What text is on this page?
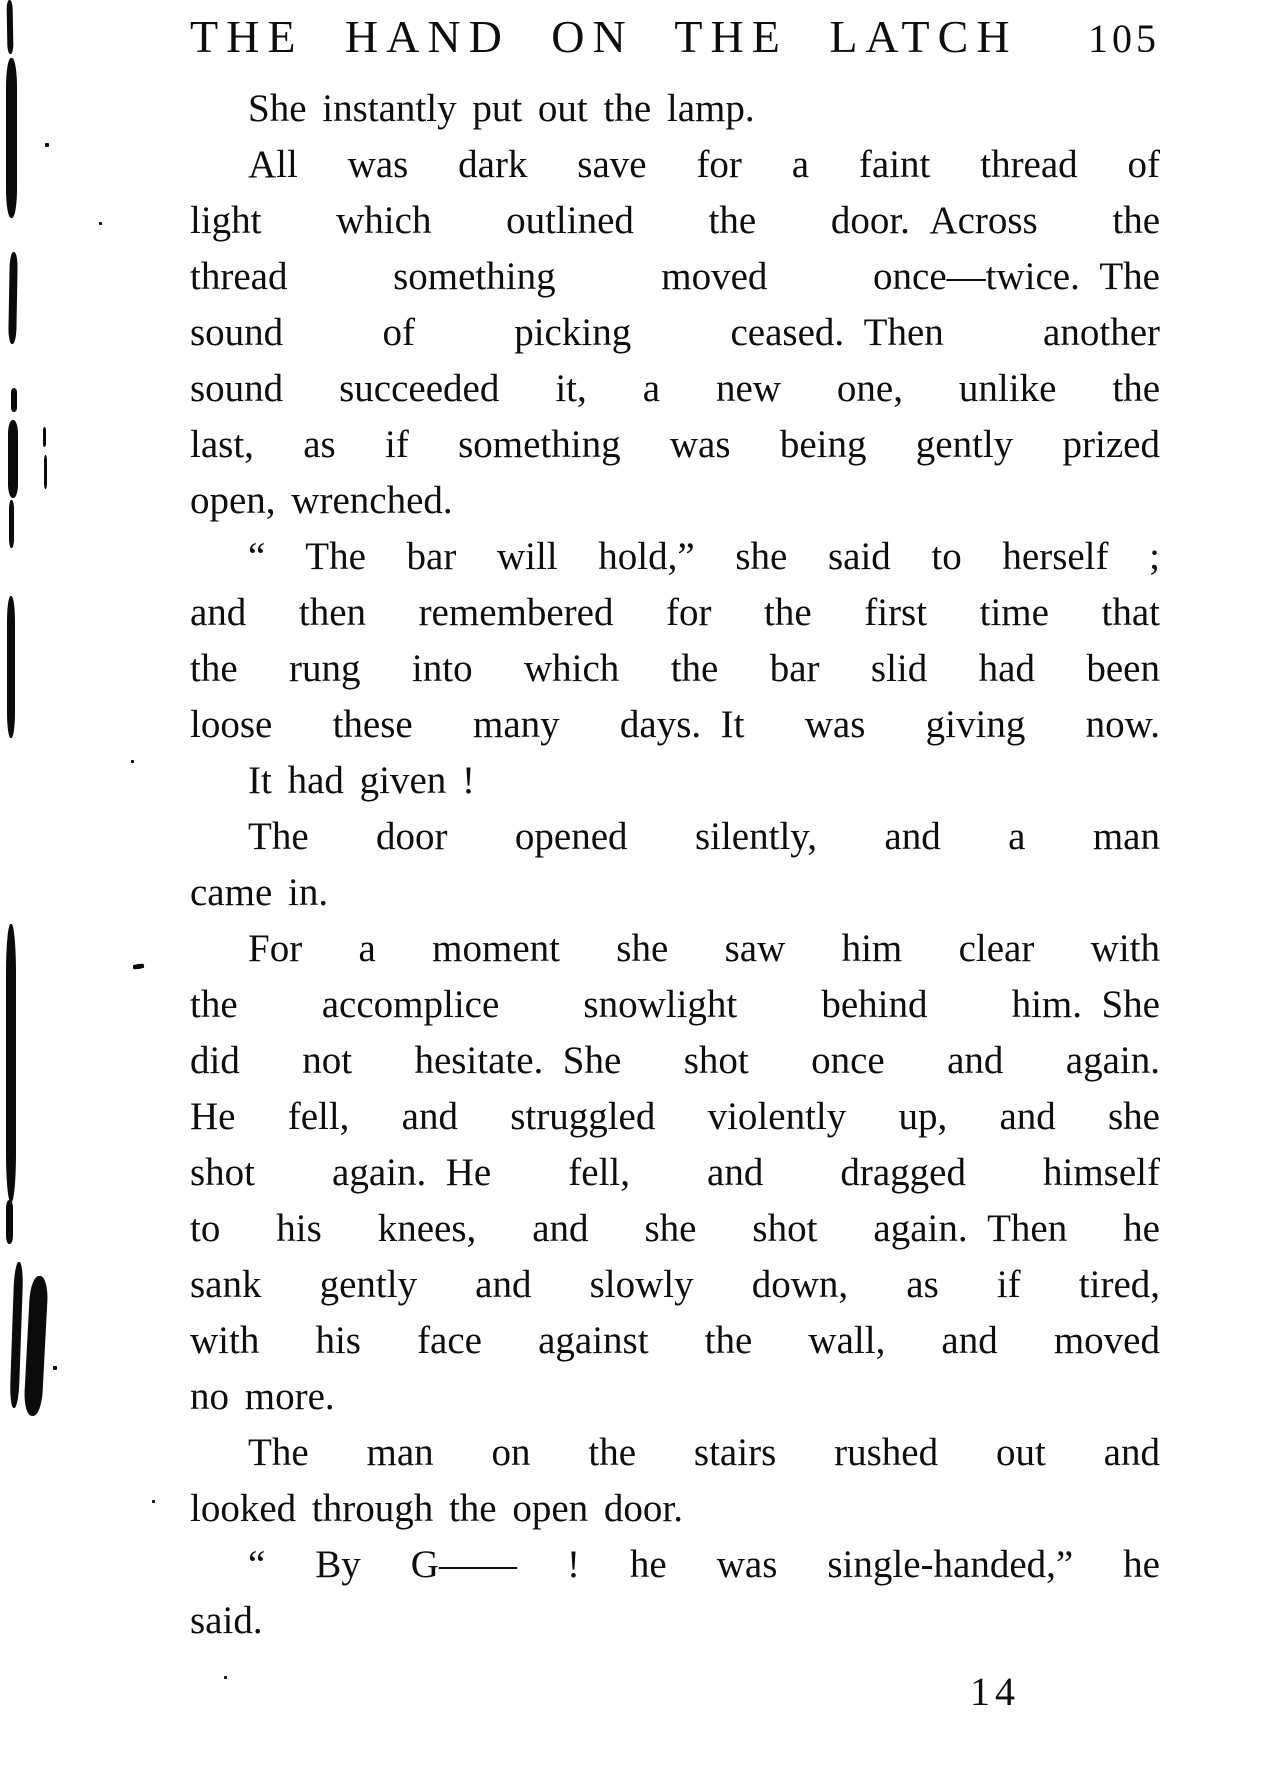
THE HAND ON THE LATCH 105
She instantly put out the lamp.
All was dark save for a faint thread of
light which outlined the door. Across the
thread something moved once—twice. The
sound of picking ceased. Then another
sound succeeded it, a new one, unlike the
last, as if something was being gently prized
open, wrenched.
“ The bar will hold,” she said to herself ;
and then remembered for the first time that
the rung into which the bar slid had been
loose these many days. It was giving now.
It had given !
The door opened silently, and a man
came in.
For a moment she saw him clear with
the accomplice snowlight behind him. She
did not hesitate. She shot once and again.
He fell, and struggled violently up, and she
shot again. He fell, and dragged himself
to his knees, and she shot again. Then he
sank gently and slowly down, as if tired,
with his face against the wall, and moved
no more.
The man on the stairs rushed out and
looked through the open door.
“ By G—— ! he was single-handed,” he
said.
14
